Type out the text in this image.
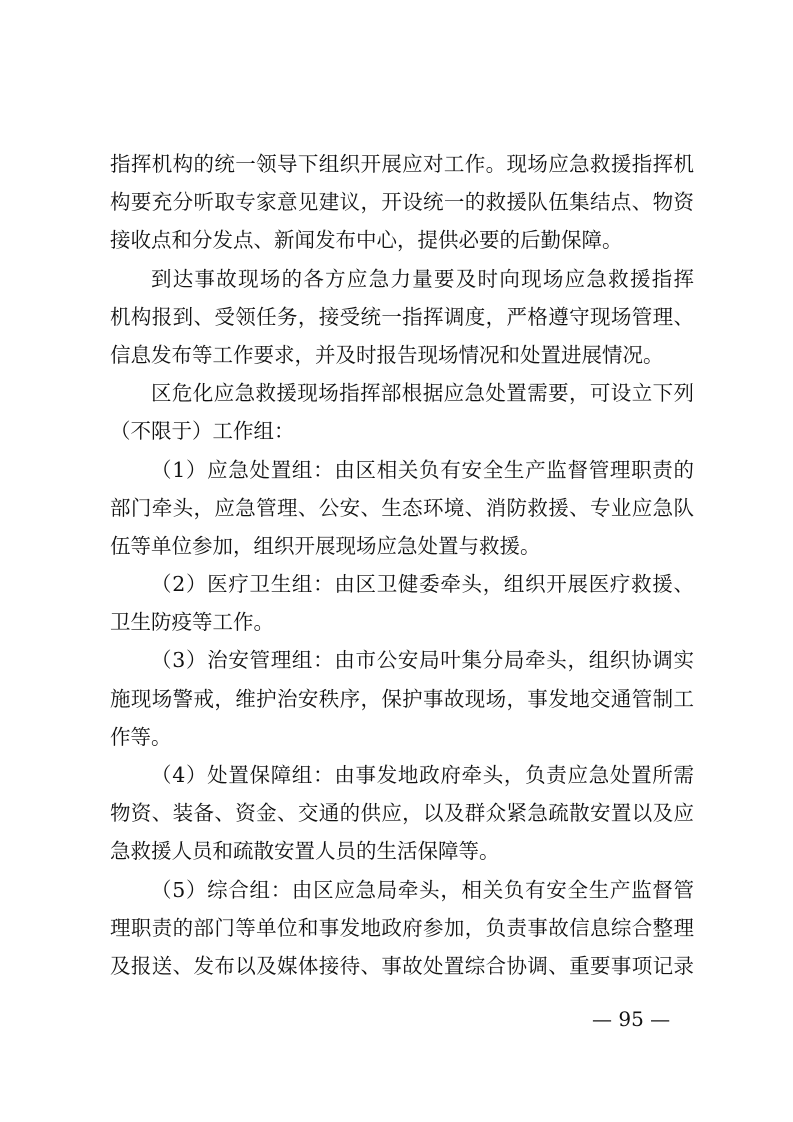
指挥机构的统一领导下组织开展应对工作。现场应急救援指挥机
构要充分听取专家意见建议，开设统一的救援队伍集结点、物资
接收点和分发点、新闻发布中心，提供必要的后勤保障。
到达事故现场的各方应急力量要及时向现场应急救援指挥
机构报到、受领任务，接受统一指挥调度，严格遵守现场管理、
信息发布等工作要求，并及时报告现场情况和处置进展情况。
区危化应急救援现场指挥部根据应急处置需要，可设立下列
（不限于）工作组：
（1）应急处置组：由区相关负有安全生产监督管理职责的
部门牵头，应急管理、公安、生态环境、消防救援、专业应急队
伍等单位参加，组织开展现场应急处置与救援。
（2）医疗卫生组：由区卫健委牵头，组织开展医疗救援、
卫生防疫等工作。
（3）治安管理组：由市公安局叶集分局牵头，组织协调实
施现场警戒，维护治安秩序，保护事故现场，事发地交通管制工
作等。
（4）处置保障组：由事发地政府牵头，负责应急处置所需
物资、装备、资金、交通的供应，以及群众紧急疏散安置以及应
急救援人员和疏散安置人员的生活保障等。
（5）综合组：由区应急局牵头，相关负有安全生产监督管
理职责的部门等单位和事发地政府参加，负责事故信息综合整理
及报送、发布以及媒体接待、事故处置综合协调、重要事项记录
— 95 —
